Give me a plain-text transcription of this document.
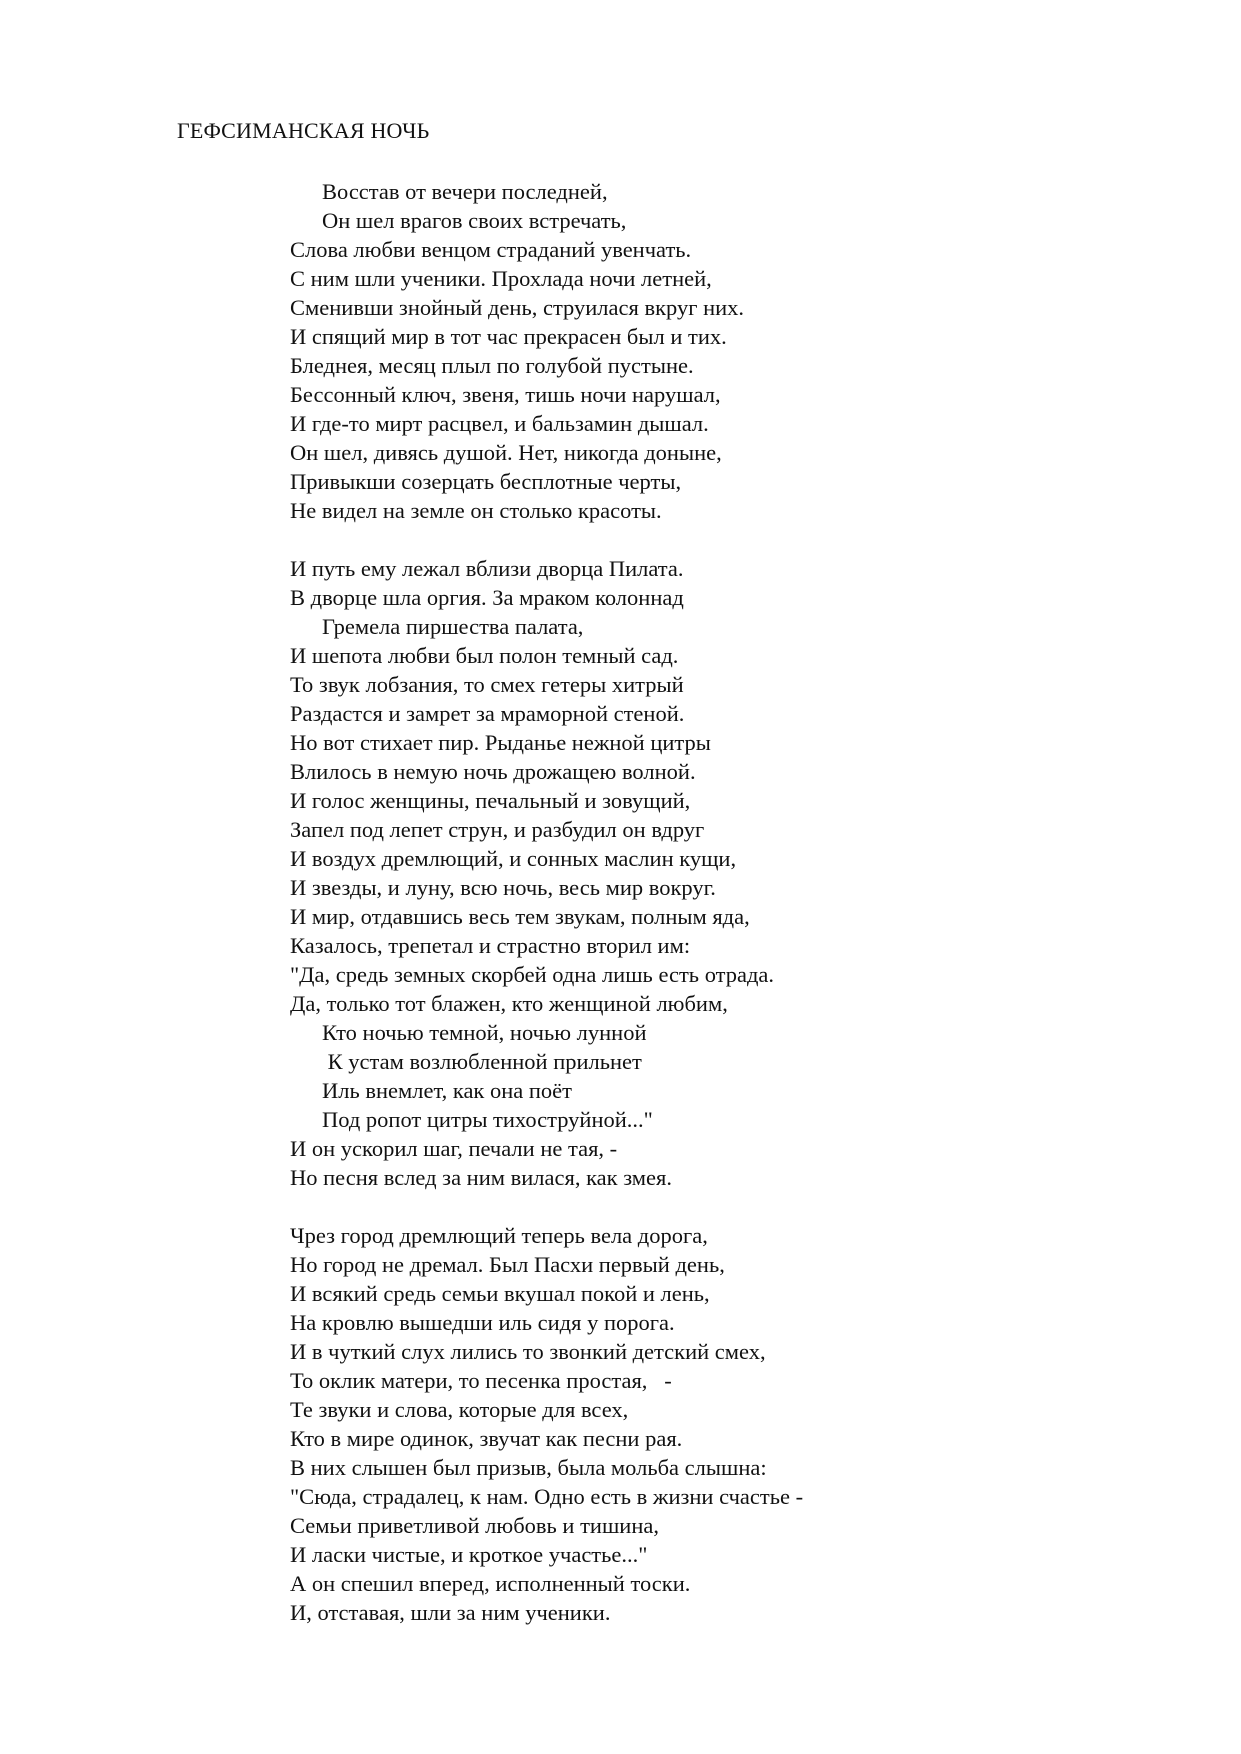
ГЕФСИМАНСКАЯ НОЧЬ
Восстав от вечери последней,
Он шел врагов своих встречать,
Слова любви венцом страданий увенчать.
С ним шли ученики. Прохлада ночи летней,
Сменивши знойный день, струилася вкруг них.
И спящий мир в тот час прекрасен был и тих.
Бледнея, месяц плыл по голубой пустыне.
Бессонный ключ, звеня, тишь ночи нарушал,
И где-то мирт расцвел, и бальзамин дышал.
Он шел, дивясь душой. Нет, никогда доныне,
Привыкши созерцать бесплотные черты,
Не видел на земле он столько красоты.
И путь ему лежал вблизи дворца Пилата.
В дворце шла оргия. За мраком колоннад
Гремела пиршества палата,
И шепота любви был полон темный сад.
То звук лобзания, то смех гетеры хитрый
Раздастся и замрет за мраморной стеной.
Но вот стихает пир. Рыданье нежной цитры
Влилось в немую ночь дрожащею волной.
И голос женщины, печальный и зовущий,
Запел под лепет струн, и разбудил он вдруг
И воздух дремлющий, и сонных маслин кущи,
И звезды, и луну, всю ночь, весь мир вокруг.
И мир, отдавшись весь тем звукам, полным яда,
Казалось, трепетал и страстно вторил им:
"Да, средь земных скорбей одна лишь есть отрада.
Да, только тот блажен, кто женщиной любим,
Кто ночью темной, ночью лунной
К устам возлюбленной прильнет
Иль внемлет, как она поёт
Под ропот цитры тихоструйной..."
И он ускорил шаг, печали не тая, -
Но песня вслед за ним вилася, как змея.
Чрез город дремлющий теперь вела дорога,
Но город не дремал. Был Пасхи первый день,
И всякий средь семьи вкушал покой и лень,
На кровлю вышедши иль сидя у порога.
И в чуткий слух лились то звонкий детский смех,
То оклик матери, то песенка простая,   -
Те звуки и слова, которые для всех,
Кто в мире одинок, звучат как песни рая.
В них слышен был призыв, была мольба слышна:
"Сюда, страдалец, к нам. Одно есть в жизни счастье -
Семьи приветливой любовь и тишина,
И ласки чистые, и кроткое участье..."
А он спешил вперед, исполненный тоски.
И, отставая, шли за ним ученики.
